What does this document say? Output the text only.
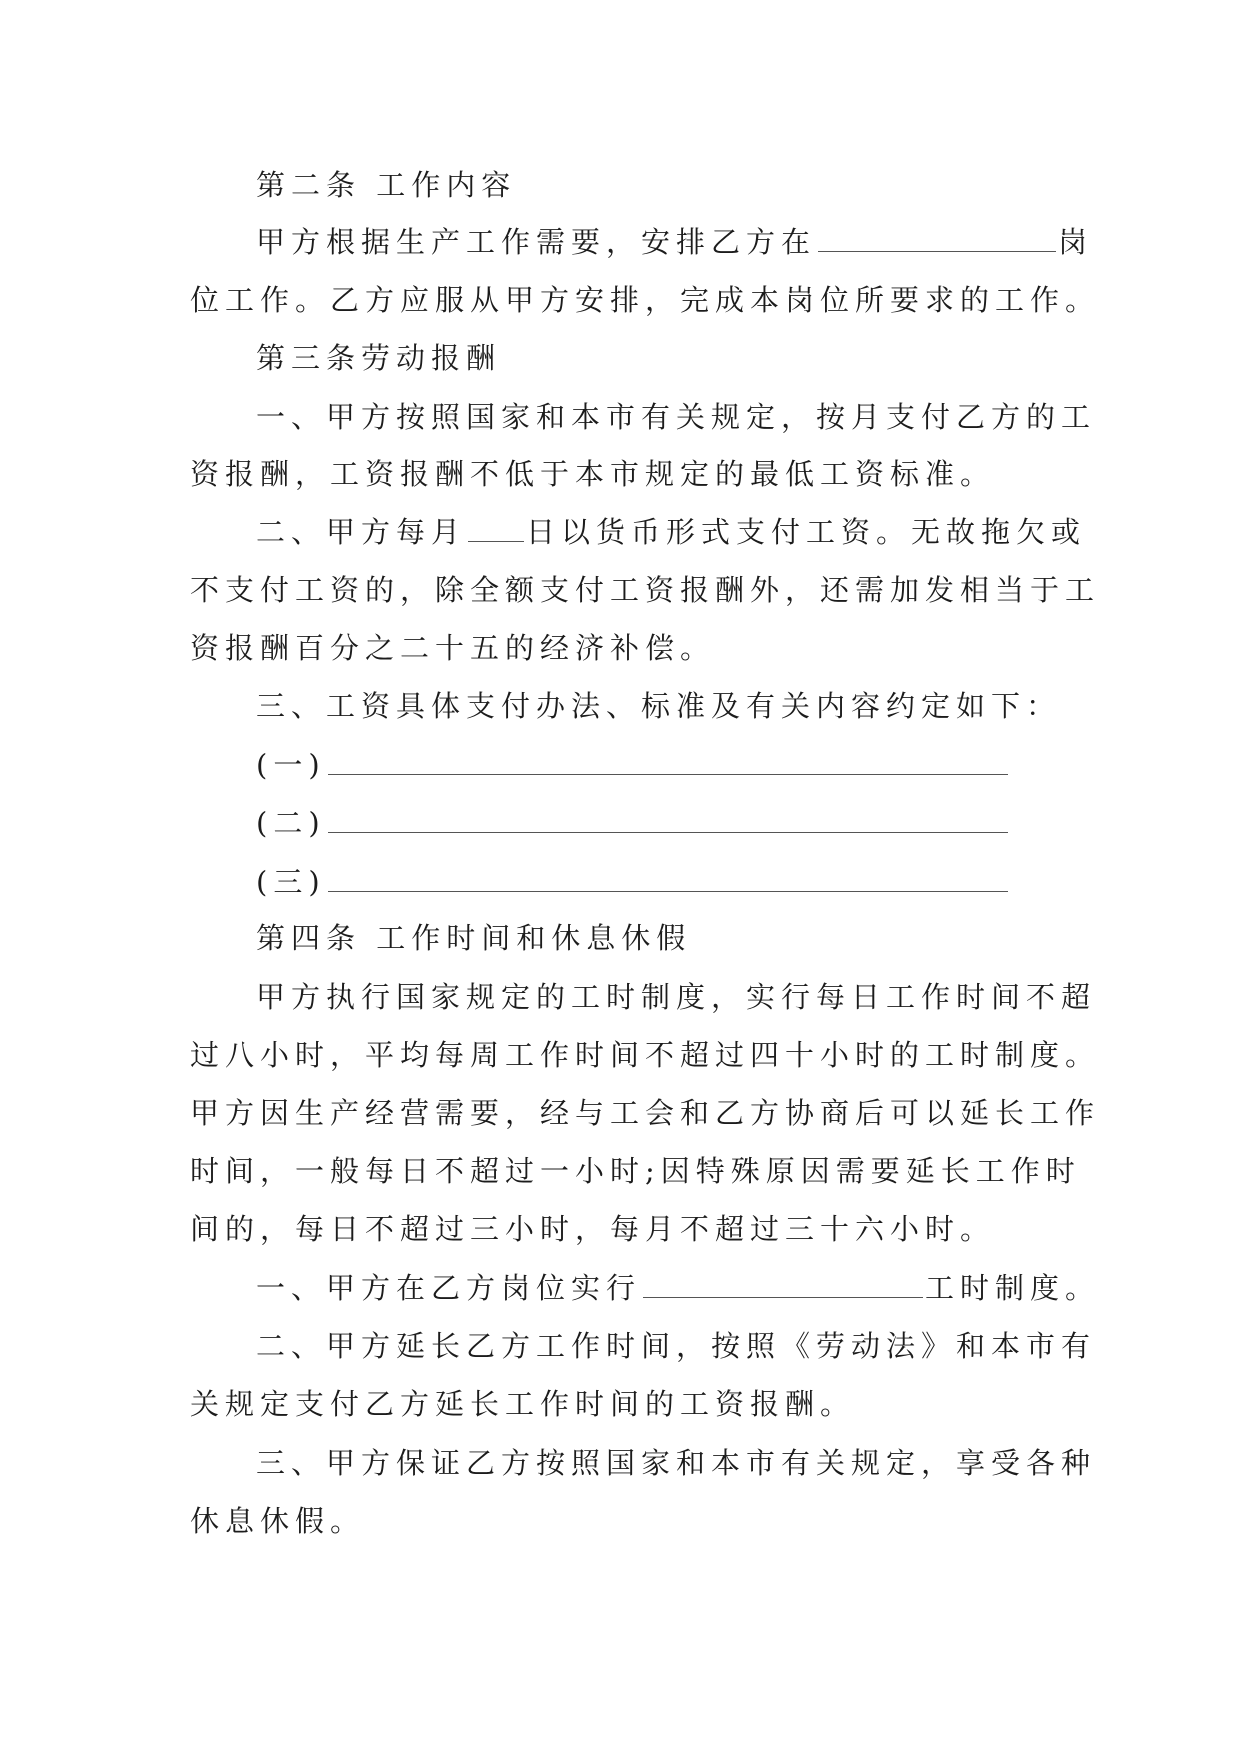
第二条 工作内容
甲方根据生产工作需要，安排乙方在	岗
位工作。乙方应服从甲方安排，完成本岗位所要求的工作。
第三条劳动报酬
一、甲方按照国家和本市有关规定，按月支付乙方的工
资报酬，工资报酬不低于本市规定的最低工资标准。
二、甲方每月 日以货币形式支付工资。无故拖欠或
不支付工资的，除全额支付工资报酬外，还需加发相当于工
资报酬百分之二十五的经济补偿。
三、工资具体支付办法、标准及有关内容约定如下：
(一)
(二)
(三)
第四条 工作时间和休息休假
甲方执行国家规定的工时制度，实行每日工作时间不超
过八小时，平均每周工作时间不超过四十小时的工时制度。
甲方因生产经营需要，经与工会和乙方协商后可以延长工作
时间，一般每日不超过一小时;因特殊原因需要延长工作时
间的，每日不超过三小时，每月不超过三十六小时。
一、甲方在乙方岗位实行	工时制度。
二、甲方延长乙方工作时间，按照《劳动法》和本市有
关规定支付乙方延长工作时间的工资报酬。
三、甲方保证乙方按照国家和本市有关规定，享受各种
休息休假。
